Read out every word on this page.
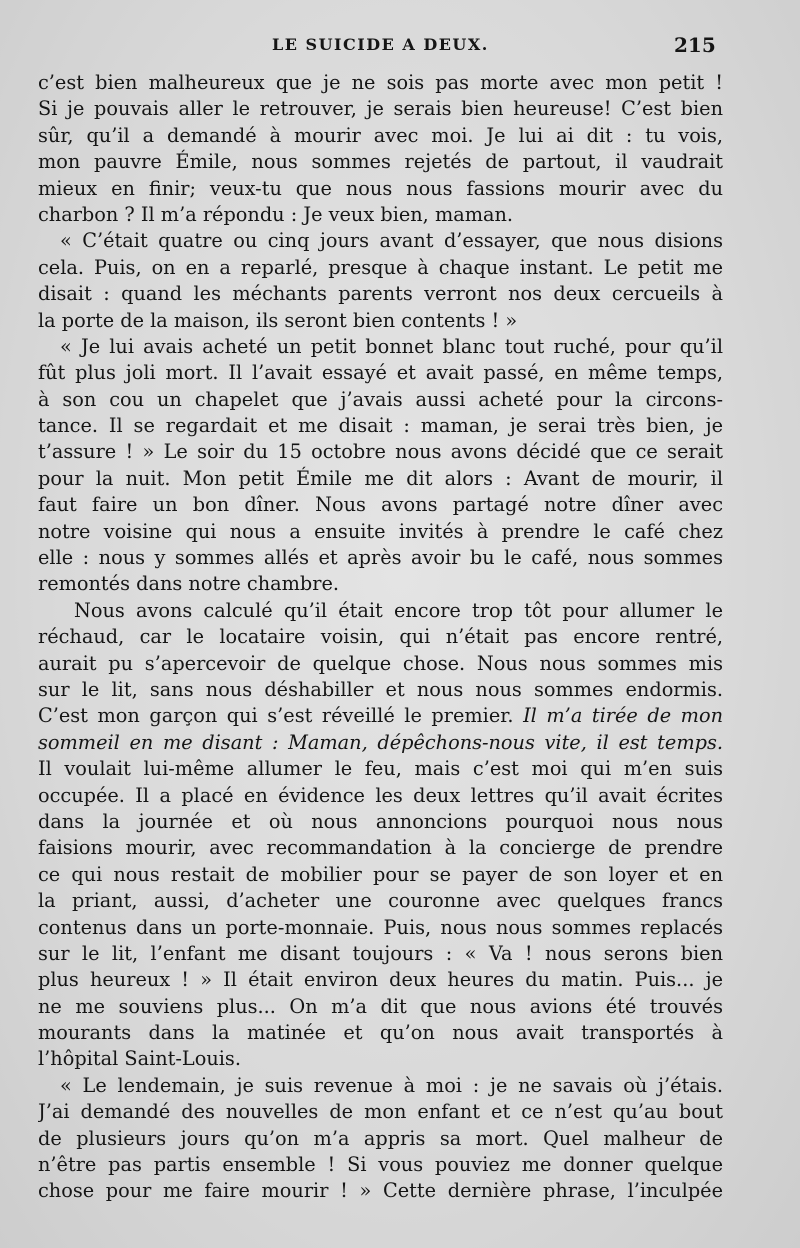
LE SUICIDE A DEUX.	215
c’est bien malheureux que je ne sois pas morte avec mon petit !
Si je pouvais aller le retrouver, je serais bien heureuse! C’est bien
sûr, qu’il a demandé à mourir avec moi. Je lui ai dit : tu vois,
mon pauvre Émile, nous sommes rejetés de partout, il vaudrait
mieux en finir; veux-tu que nous nous fassions mourir avec du
charbon ? Il m’a répondu : Je veux bien, maman.
« C’était quatre ou cinq jours avant d’essayer, que nous disions
cela. Puis, on en a reparlé, presque à chaque instant. Le petit me
disait : quand les méchants parents verront nos deux cercueils à
la porte de la maison, ils seront bien contents ! »
« Je lui avais acheté un petit bonnet blanc tout ruché, pour qu’il
fût plus joli mort. Il l’avait essayé et avait passé, en même temps,
à son cou un chapelet que j’avais aussi acheté pour la circons-
tance. Il se regardait et me disait : maman, je serai très bien, je
t’assure ! » Le soir du 15 octobre nous avons décidé que ce serait
pour la nuit. Mon petit Émile me dit alors : Avant de mourir, il
faut faire un bon dîner. Nous avons partagé notre dîner avec
notre voisine qui nous a ensuite invités à prendre le café chez
elle : nous y sommes allés et après avoir bu le café, nous sommes
remontés dans notre chambre.
Nous avons calculé qu’il était encore trop tôt pour allumer le
réchaud, car le locataire voisin, qui n’était pas encore rentré,
aurait pu s’apercevoir de quelque chose. Nous nous sommes mis
sur le lit, sans nous déshabiller et nous nous sommes endormis.
C’est mon garçon qui s’est réveillé le premier. Il m’a tirée de mon
sommeil en me disant : Maman, dépêchons-nous vite, il est temps.
Il voulait lui-même allumer le feu, mais c’est moi qui m’en suis
occupée. Il a placé en évidence les deux lettres qu’il avait écrites
dans la journée et où nous annoncions pourquoi nous nous
faisions mourir, avec recommandation à la concierge de prendre
ce qui nous restait de mobilier pour se payer de son loyer et en
la priant, aussi, d’acheter une couronne avec quelques francs
contenus dans un porte-monnaie. Puis, nous nous sommes replacés
sur le lit, l’enfant me disant toujours : « Va ! nous serons bien
plus heureux ! » Il était environ deux heures du matin. Puis... je
ne me souviens plus... On m’a dit que nous avions été trouvés
mourants dans la matinée et qu’on nous avait transportés à
l’hôpital Saint-Louis.
« Le lendemain, je suis revenue à moi : je ne savais où j’étais.
J’ai demandé des nouvelles de mon enfant et ce n’est qu’au bout
de plusieurs jours qu’on m’a appris sa mort. Quel malheur de
n’être pas partis ensemble ! Si vous pouviez me donner quelque
chose pour me faire mourir ! » Cette dernière phrase, l’inculpée
